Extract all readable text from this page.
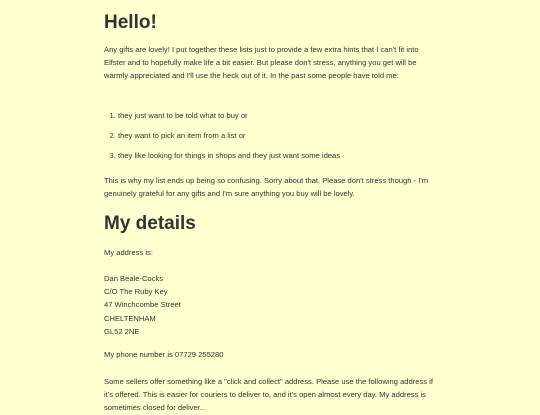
Hello!

Any gifts are lovely! I put together these lists just to provide a few extra hints that I can't fit into Elfster and to hopefully make life a bit easier. But please don't stress, anything you get will be warmly appreciated and I'll use the heck out of it. In the past some people have told me:

1. they just want to be told what to buy or
2. they want to pick an item from a list or
3. they like looking for things in shops and they just want some ideas

This is why my list ends up being so confusing. Sorry about that. Please don't stress though - I'm genuinely grateful for any gifts and I'm sure anything you buy will be lovely.

My details

My address is:

Dan Beale-Cocks
C/O The Ruby Key
47 Winchcombe Street
CHELTENHAM
GL52 2NE

My phone number is 07729 255280

Some sellers offer something like a "click and collect" address. Please use the following address if it's offered. This is easier for couriers to deliver to, and it's open almost every day. My address is sometimes closed for deliver...
